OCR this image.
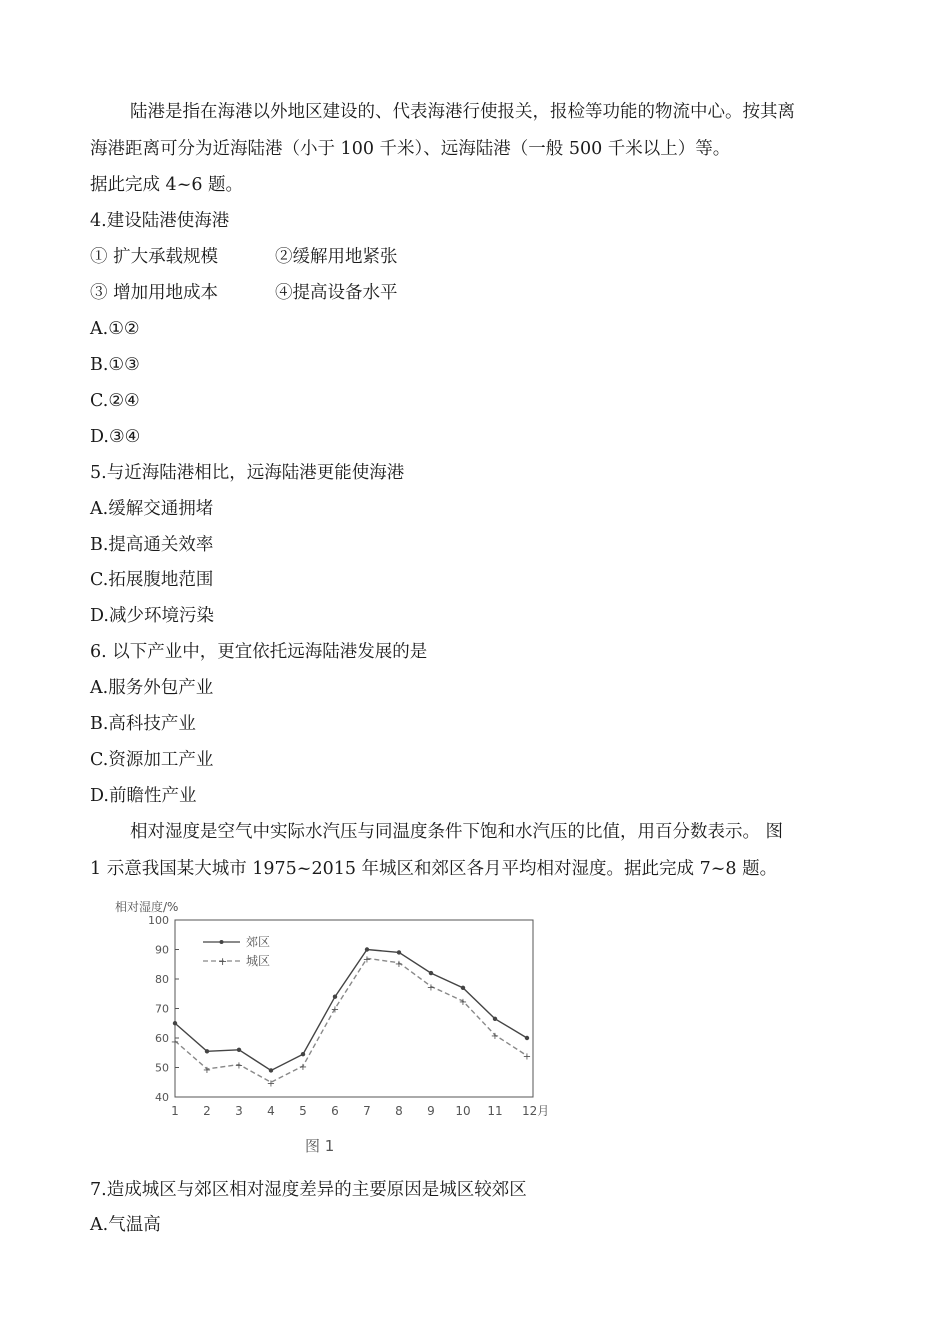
陆港是指在海港以外地区建设的、代表海港行使报关，报检等功能的物流中心。按其离
海港距离可分为近海陆港（小于 100 千米）、远海陆港（一般 500 千米以上）等。
据此完成 4~6 题。
4.建设陆港使海港
① 扩大承载规模	②缓解用地紧张
③ 增加用地成本	④提高设备水平
A.①②
B.①③
C.②④
D.③④
5.与近海陆港相比，远海陆港更能使海港
A.缓解交通拥堵
B.提高通关效率
C.拓展腹地范围
D.减少环境污染
6. 以下产业中，更宜依托远海陆港发展的是
A.服务外包产业
B.高科技产业
C.资源加工产业
D.前瞻性产业
相对湿度是空气中实际水汽压与同温度条件下饱和水汽压的比值，用百分数表示。 图
1 示意我国某大城市 1975~2015 年城区和郊区各月平均相对湿度。据此完成 7~8 题。
相对湿度/%
40
50
60
70
80
90
100
1 2 3 4 5 6 7 8 9 10 11 12月
+
+ +
+
+
+
+ +
+
+
+
+
郊区
+ 城区
图 1
7.造成城区与郊区相对湿度差异的主要原因是城区较郊区
A.气温高
